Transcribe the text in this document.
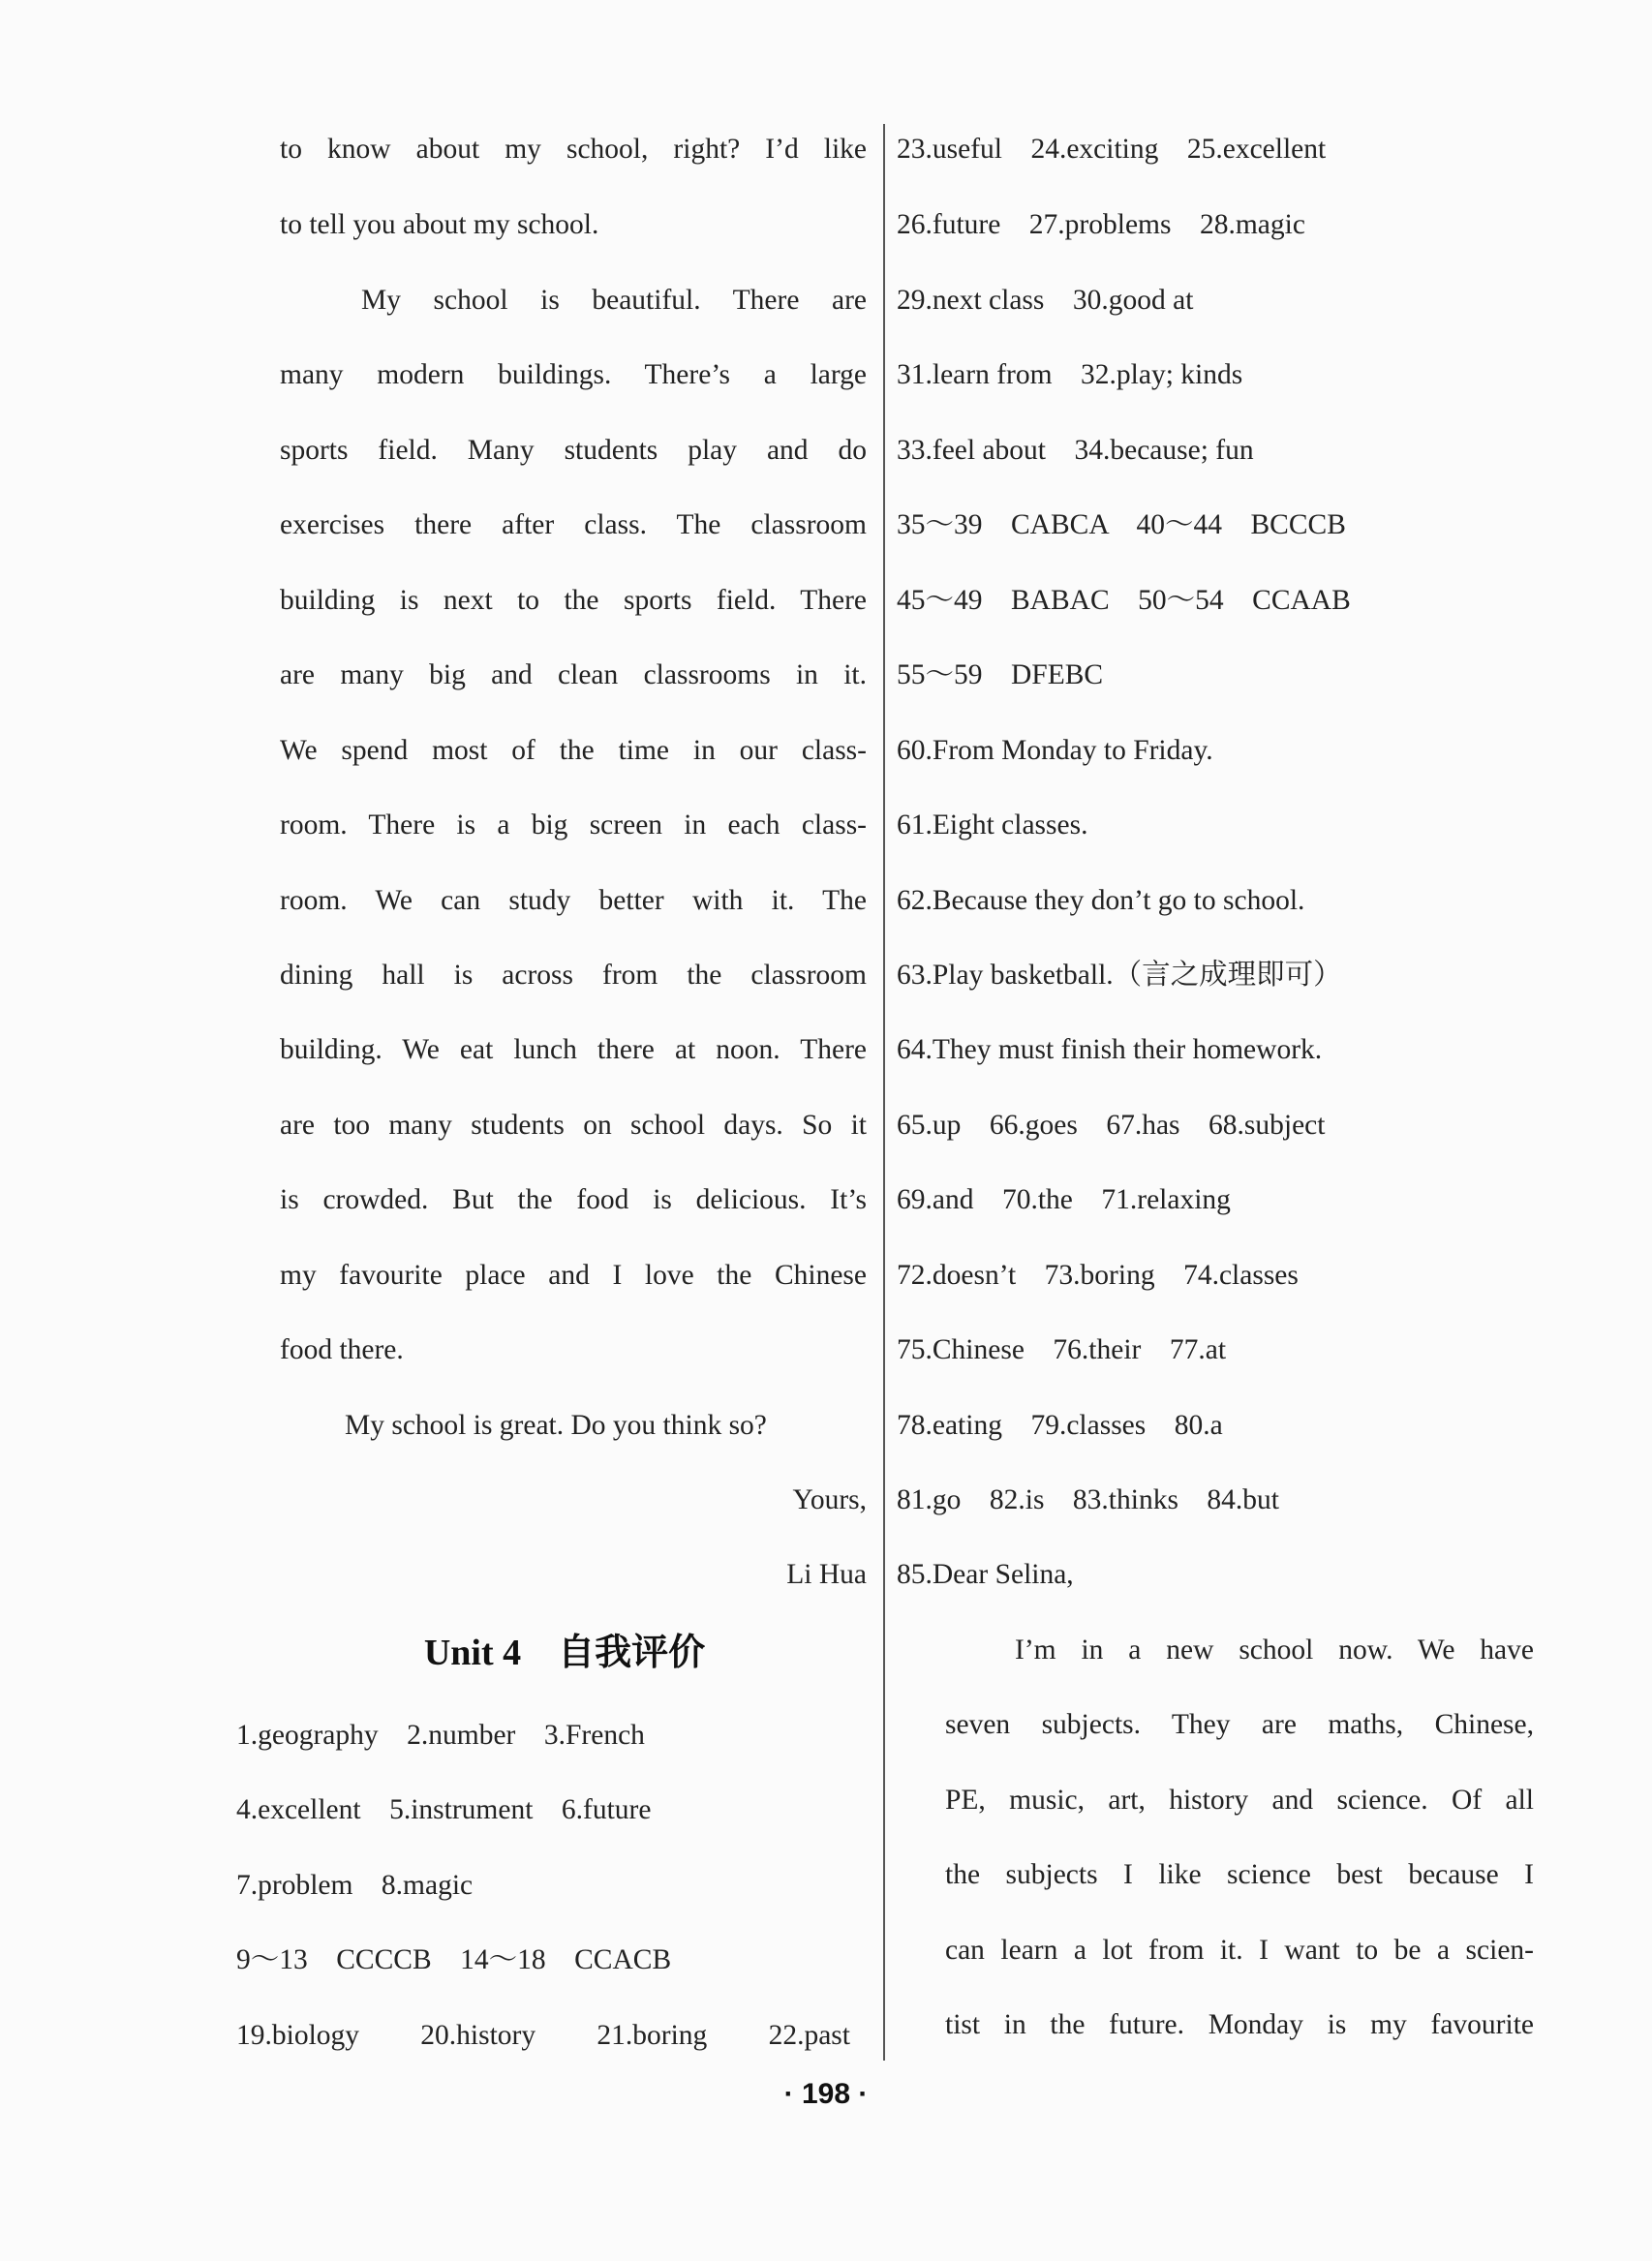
to know about my school, right? I’d like
to tell you about my school.
My school is beautiful. There are
many modern buildings. There’s a large
sports field. Many students play and do
exercises there after class. The classroom
building is next to the sports field. There
are many big and clean classrooms in it.
We spend most of the time in our class-
room. There is a big screen in each class-
room. We can study better with it. The
dining hall is across from the classroom
building. We eat lunch there at noon. There
are too many students on school days. So it
is crowded. But the food is delicious. It’s
my favourite place and I love the Chinese
food there.
My school is great. Do you think so?
Yours,
Li Hua
Unit 4　自我评价
1.geography　2.number　3.French
4.excellent　5.instrument　6.future
7.problem　8.magic
9～13　CCCCB　14～18　CCACB
19.biology　20.history　21.boring　22.past
23.useful　24.exciting　25.excellent
26.future　27.problems　28.magic
29.next class　30.good at
31.learn from　32.play; kinds
33.feel about　34.because; fun
35～39　CABCA　40～44　BCCCB
45～49　BABAC　50～54　CCAAB
55～59　DFEBC
60.From Monday to Friday.
61.Eight classes.
62.Because they don’t go to school.
63.Play basketball.（言之成理即可）
64.They must finish their homework.
65.up　66.goes　67.has　68.subject
69.and　70.the　71.relaxing
72.doesn’t　73.boring　74.classes
75.Chinese　76.their　77.at
78.eating　79.classes　80.a
81.go　82.is　83.thinks　84.but
85.Dear Selina,
I’m in a new school now. We have
seven subjects. They are maths, Chinese,
PE, music, art, history and science. Of all
the subjects I like science best because I
can learn a lot from it. I want to be a scien-
tist in the future. Monday is my favourite
· 198 ·
